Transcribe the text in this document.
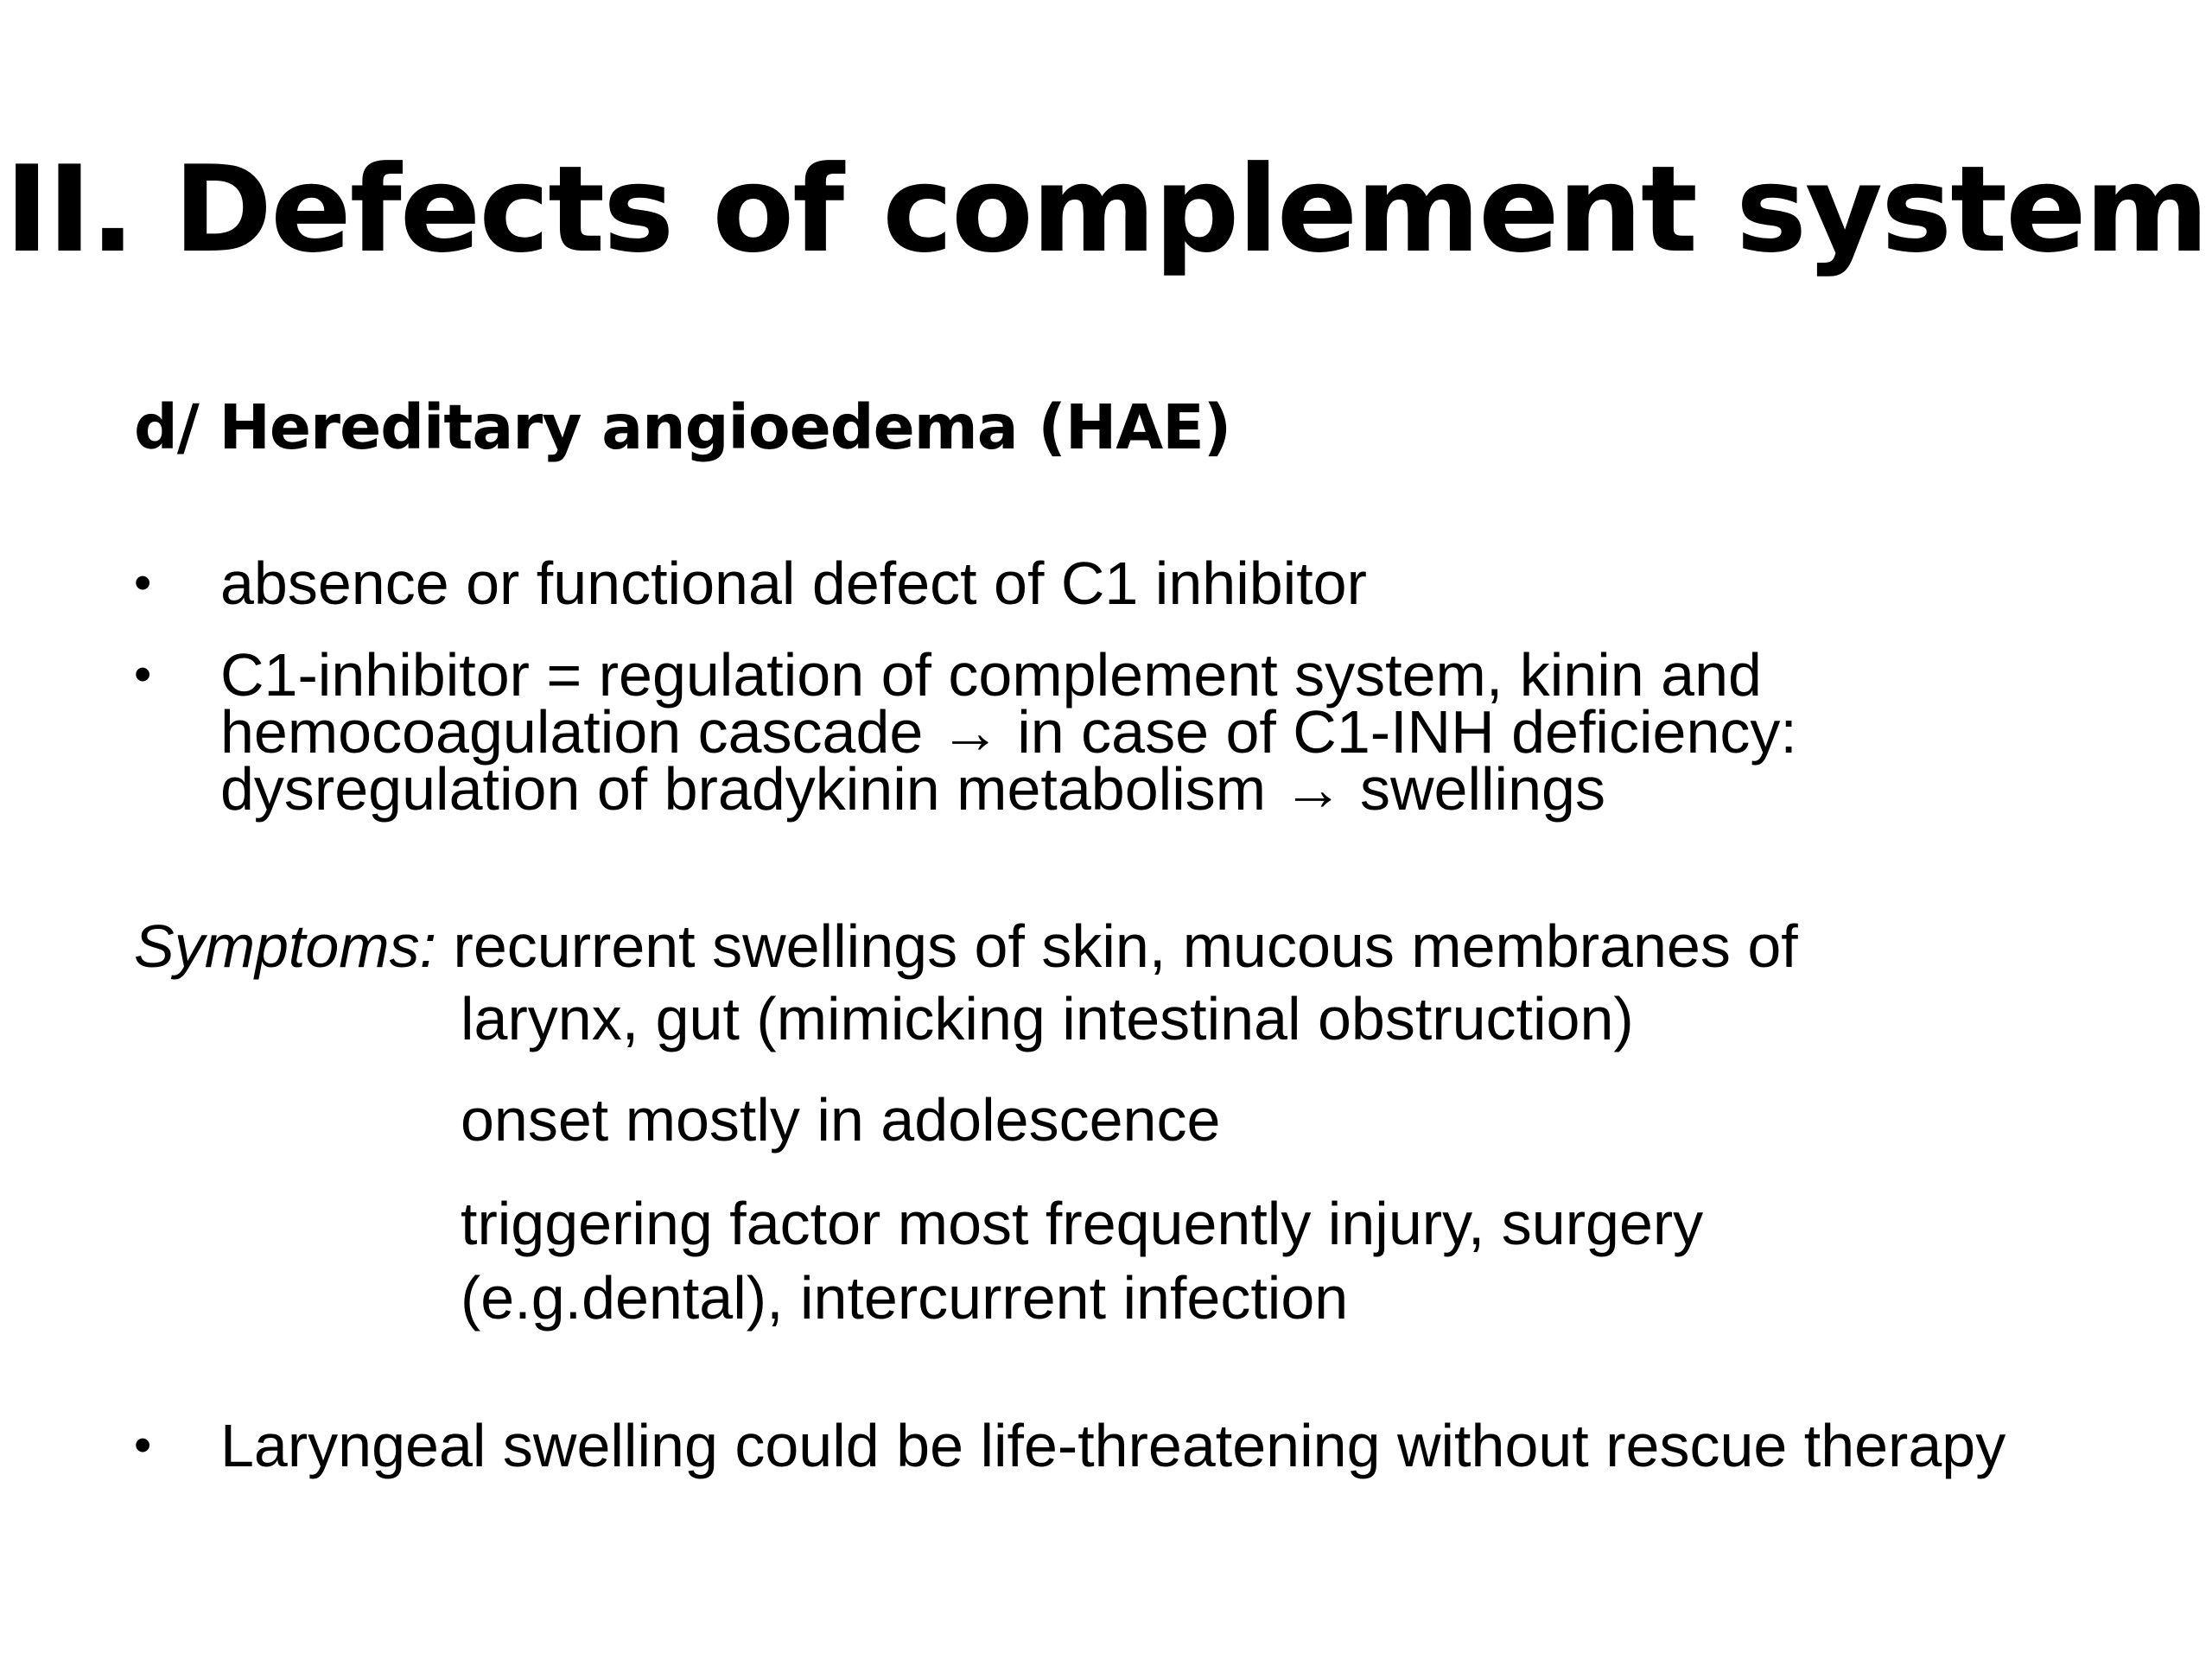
II. Defects of complement system
d/ Hereditary angioedema (HAE)
• absence or functional defect of C1 inhibitor
• C1-inhibitor = regulation of complement system, kinin and
hemocoagulation cascade → in case of C1-INH deficiency:
dysregulation of bradykinin metabolism → swellings
Symptoms: recurrent swellings of skin, mucous membranes of
larynx, gut (mimicking intestinal obstruction)
onset mostly in adolescence
triggering factor most frequently injury, surgery
(e.g.dental), intercurrent infection
• Laryngeal swelling could be life-threatening without rescue therapy
